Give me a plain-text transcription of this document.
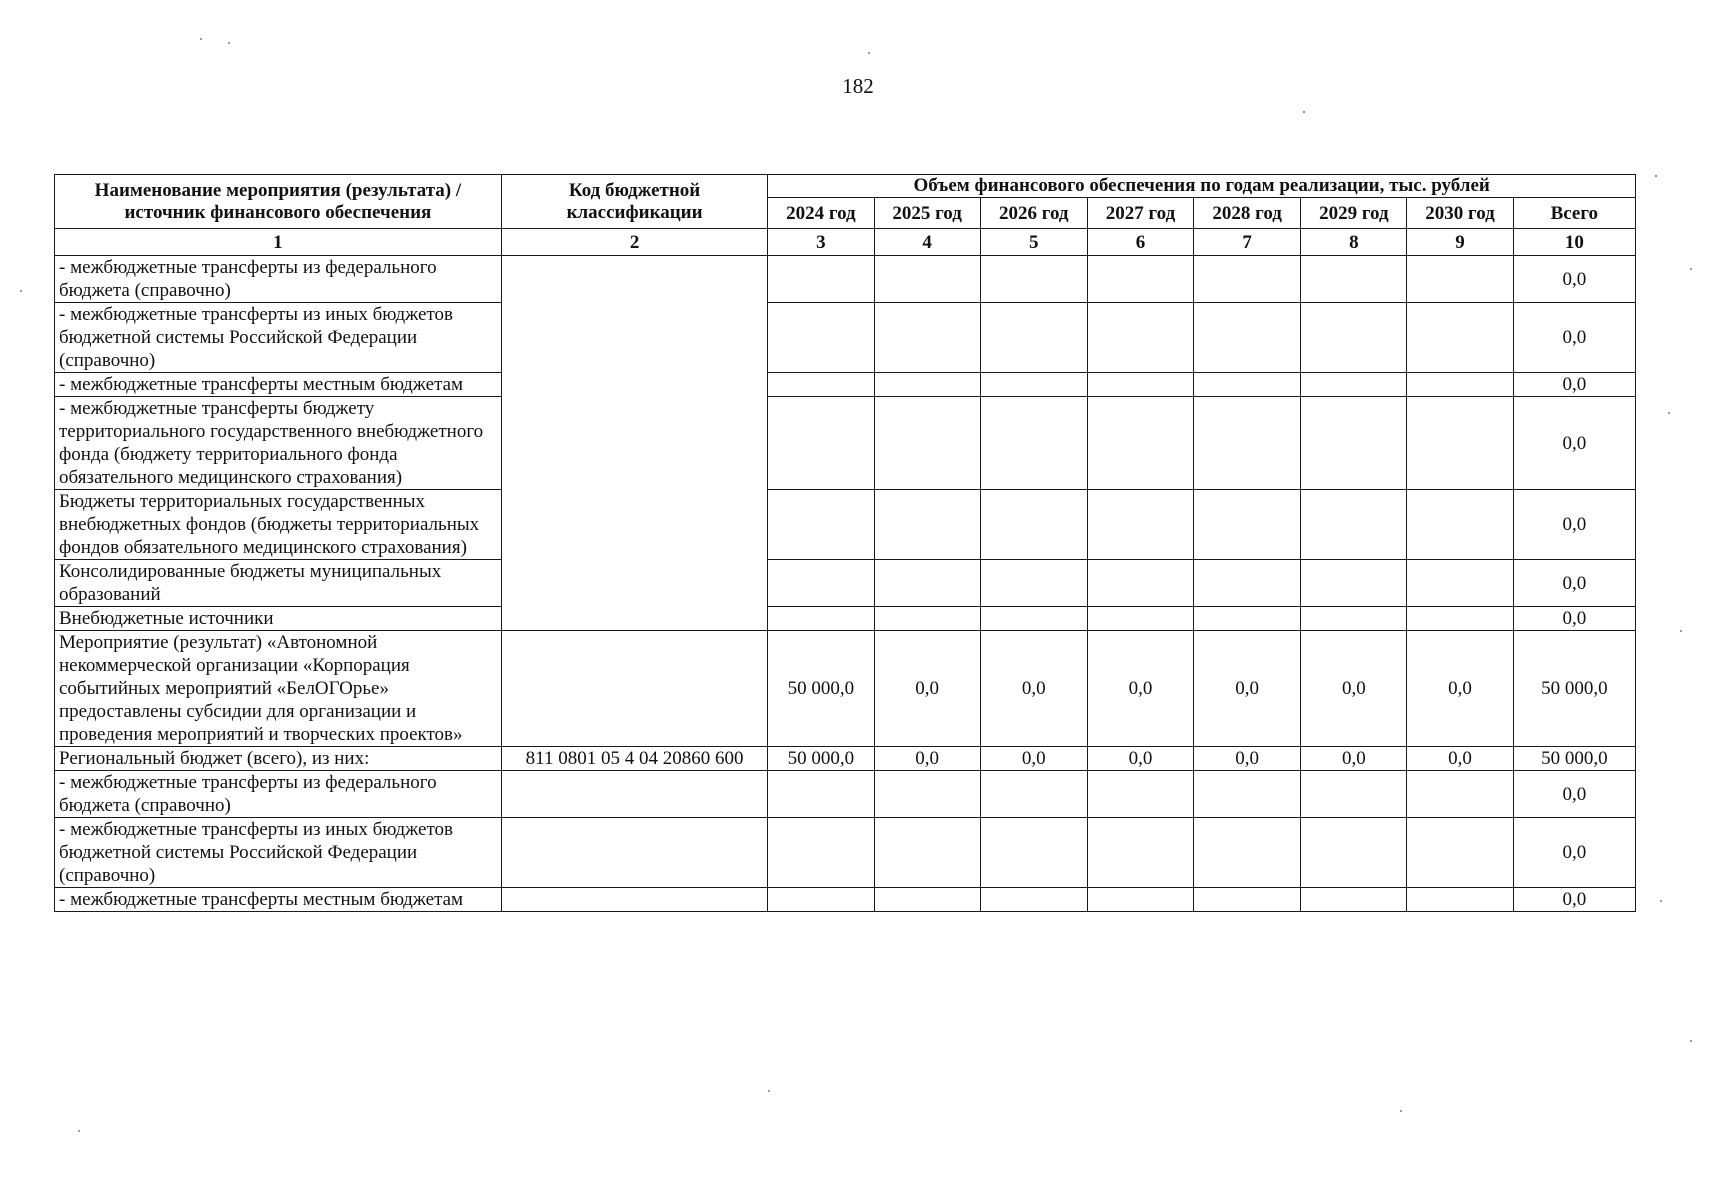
182
Наименование мероприятия (результата) / источник финансового обеспечения	Код бюджетной классификации	Объем финансового обеспечения по годам реализации, тыс. рублей							
		2024 год	2025 год	2026 год	2027 год	2028 год	2029 год	2030 год	Всего
1	2	3	4	5	6	7	8	9	10
- межбюджетные трансферты из федерального бюджета (справочно)									0,0
- межбюджетные трансферты из иных бюджетов бюджетной системы Российской Федерации (справочно)									0,0
- межбюджетные трансферты местным бюджетам									0,0
- межбюджетные трансферты бюджету территориального государственного внебюджетного фонда (бюджету территориального фонда обязательного медицинского страхования)									0,0
Бюджеты территориальных государственных внебюджетных фондов (бюджеты территориальных фондов обязательного медицинского страхования)									0,0
Консолидированные бюджеты муниципальных образований									0,0
Внебюджетные источники									0,0
Мероприятие (результат) «Автономной некоммерческой организации «Корпорация событийных мероприятий «БелОГОрье» предоставлены субсидии для организации и проведения мероприятий и творческих проектов»		50 000,0	0,0	0,0	0,0	0,0	0,0	0,0	50 000,0
Региональный бюджет (всего), из них:	811 0801 05 4 04 20860 600	50 000,0	0,0	0,0	0,0	0,0	0,0	0,0	50 000,0
- межбюджетные трансферты из федерального бюджета (справочно)									0,0
- межбюджетные трансферты из иных бюджетов бюджетной системы Российской Федерации (справочно)									0,0
- межбюджетные трансферты местным бюджетам									0,0
